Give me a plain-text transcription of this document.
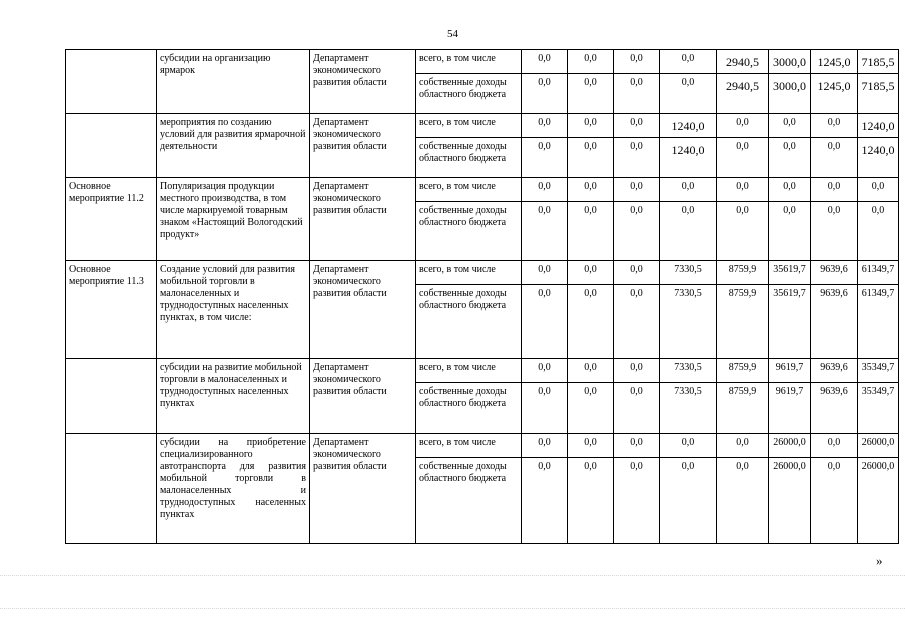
54
	субсидии на организацию ярмарок	Департамент экономического развития области	всего, в том числе	0,0	0,0	0,0	0,0	2940,5	3000,0	1245,0	7185,5
			собственные доходы областного бюджета	0,0	0,0	0,0	0,0	2940,5	3000,0	1245,0	7185,5
	мероприятия по созданию условий для развития ярмарочной деятельности	Департамент экономического развития области	всего, в том числе	0,0	0,0	0,0	1240,0	0,0	0,0	0,0	1240,0
			собственные доходы областного бюджета	0,0	0,0	0,0	1240,0	0,0	0,0	0,0	1240,0
Основное мероприятие 11.2	Популяризация продукции местного производства, в том числе маркируемой товарным знаком «Настоящий Вологодский продукт»	Департамент экономического развития области	всего, в том числе	0,0	0,0	0,0	0,0	0,0	0,0	0,0	0,0
			собственные доходы областного бюджета	0,0	0,0	0,0	0,0	0,0	0,0	0,0	0,0
Основное мероприятие 11.3	Создание условий для развития мобильной торговли в малонаселенных и труднодоступных населенных пунктах, в том числе:	Департамент экономического развития области	всего, в том числе	0,0	0,0	0,0	7330,5	8759,9	35619,7	9639,6	61349,7
			собственные доходы областного бюджета	0,0	0,0	0,0	7330,5	8759,9	35619,7	9639,6	61349,7
	субсидии на развитие мобильной торговли в малонаселенных и труднодоступных населенных пунктах	Департамент экономического развития области	всего, в том числе	0,0	0,0	0,0	7330,5	8759,9	9619,7	9639,6	35349,7
			собственные доходы областного бюджета	0,0	0,0	0,0	7330,5	8759,9	9619,7	9639,6	35349,7
	субсидии на приобретение специализированного автотранспорта для развития мобильной торговли в малонаселенных и труднодоступных населенных пунктах	Департамент экономического развития области	всего, в том числе	0,0	0,0	0,0	0,0	0,0	26000,0	0,0	26000,0
			собственные доходы областного бюджета	0,0	0,0	0,0	0,0	0,0	26000,0	0,0	26000,0
»
